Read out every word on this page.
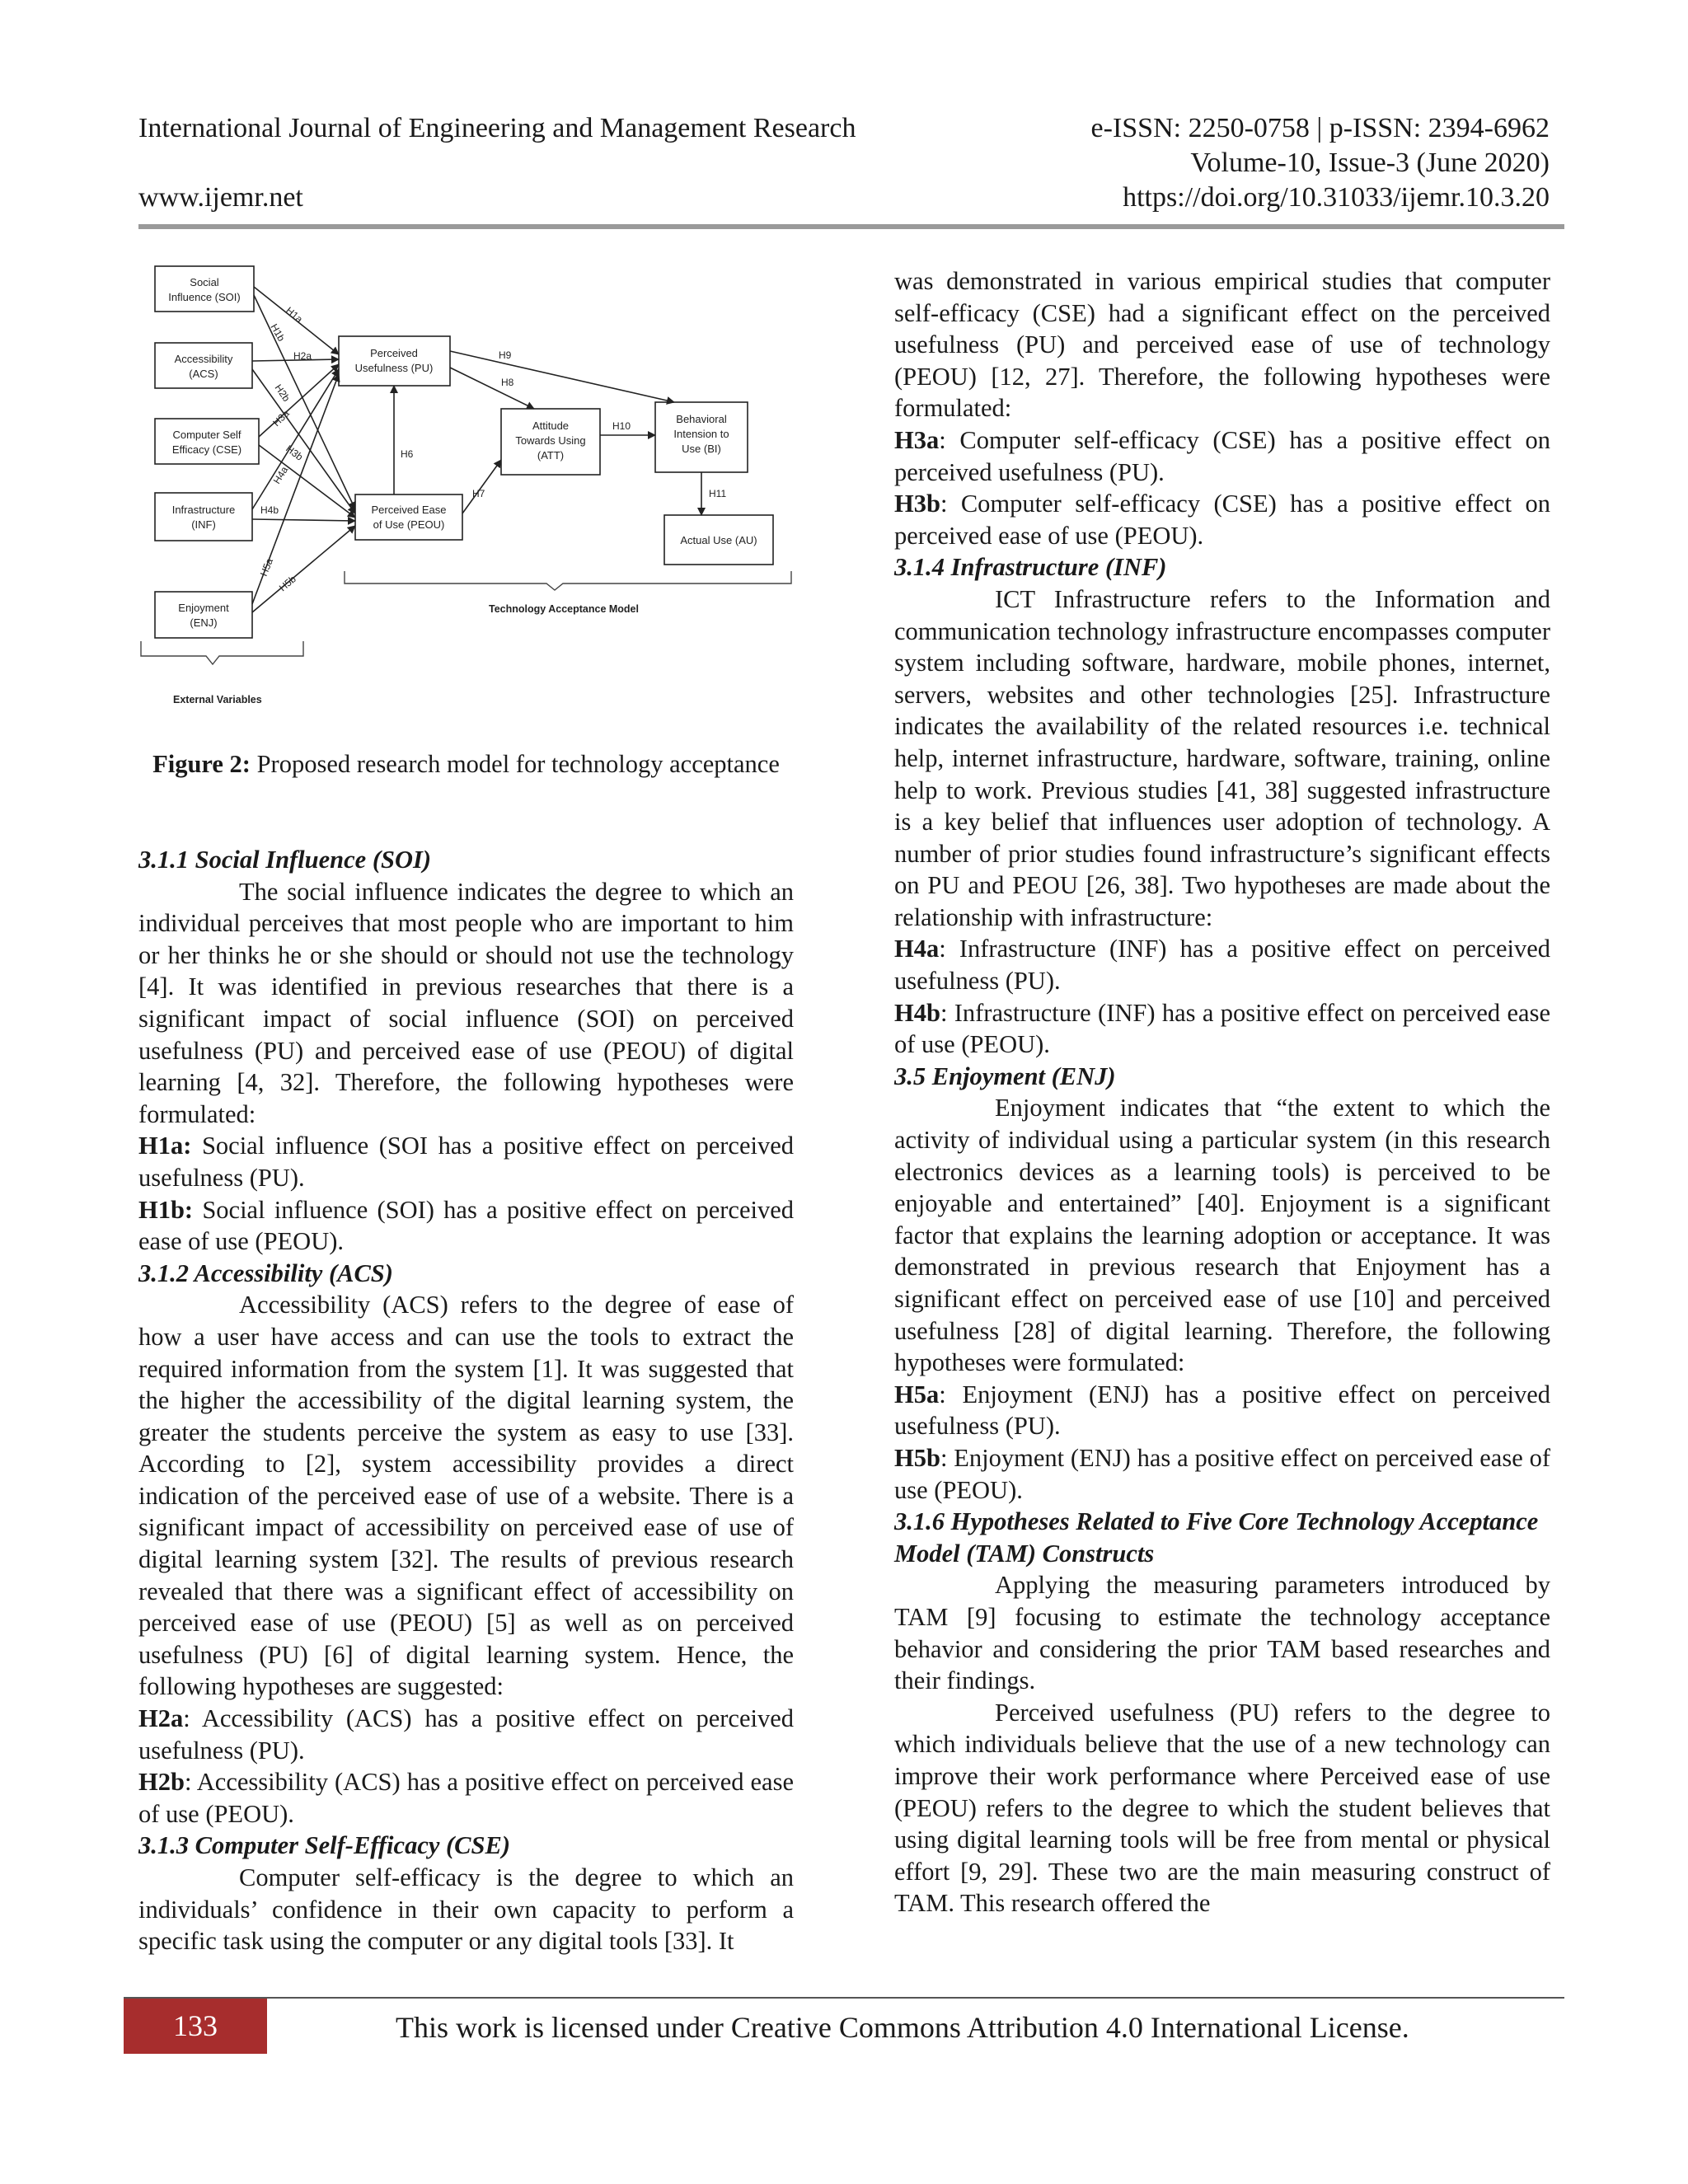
International Journal of Engineering and Management Research
www.ijemr.net
e-ISSN: 2250-0758 | p-ISSN: 2394-6962
Volume-10, Issue-3 (June 2020)
https://doi.org/10.31033/ijemr.10.3.20
Social
Influence (SOI)
Accessibility
(ACS)
Computer Self
Efficacy (CSE)
Infrastructure
(INF)
Enjoyment
(ENJ)
Perceived
Usefulness (PU)
Perceived Ease
of Use (PEOU)
Attitude
Towards Using
(ATT)
Behavioral
Intension to
Use (BI)
Actual Use (AU)
H1a
H1b
H2a
H2b
H3a
H3b
H4a
H4b
H5a
H5b
H6
H7
H8
H9
H10
H11
Technology Acceptance Model
External Variables
Figure 2: Proposed research model for technology acceptance
3.1.1 Social Influence (SOI)

The social influence indicates the degree to which an individual perceives that most people who are important to him or her thinks he or she should or should not use the technology [4]. It was identified in previous researches that there is a significant impact of social influence (SOI) on perceived usefulness (PU) and perceived ease of use (PEOU) of digital learning [4, 32]. Therefore, the following hypotheses were formulated:

H1a: Social influence (SOI has a positive effect on perceived usefulness (PU).

H1b: Social influence (SOI) has a positive effect on perceived ease of use (PEOU).

3.1.2 Accessibility (ACS)

Accessibility (ACS) refers to the degree of ease of how a user have access and can use the tools to extract the required information from the system [1]. It was suggested that the higher the accessibility of the digital learning system, the greater the students perceive the system as easy to use [33]. According to [2], system accessibility provides a direct indication of the perceived ease of use of a website. There is a significant impact of accessibility on perceived ease of use of digital learning system [32]. The results of previous research revealed that there was a significant effect of accessibility on perceived ease of use (PEOU) [5] as well as on perceived usefulness (PU) [6] of digital learning system. Hence, the following hypotheses are suggested:

H2a: Accessibility (ACS) has a positive effect on perceived usefulness (PU).

H2b: Accessibility (ACS) has a positive effect on perceived ease of use (PEOU).

3.1.3 Computer Self-Efficacy (CSE)

Computer self-efficacy is the degree to which an individuals’ confidence in their own capacity to perform a specific task using the computer or any digital tools [33]. It

was demonstrated in various empirical studies that computer self-efficacy (CSE) had a significant effect on the perceived usefulness (PU) and perceived ease of use of technology (PEOU) [12, 27]. Therefore, the following hypotheses were formulated:

H3a: Computer self-efficacy (CSE) has a positive effect on perceived usefulness (PU).

H3b: Computer self-efficacy (CSE) has a positive effect on perceived ease of use (PEOU).

3.1.4 Infrastructure (INF)

ICT Infrastructure refers to the Information and communication technology infrastructure encompasses computer system including software, hardware, mobile phones, internet, servers, websites and other technologies [25]. Infrastructure indicates the availability of the related resources i.e. technical help, internet infrastructure, hardware, software, training, online help to work. Previous studies [41, 38] suggested infrastructure is a key belief that influences user adoption of technology. A number of prior studies found infrastructure’s significant effects on PU and PEOU [26, 38]. Two hypotheses are made about the relationship with infrastructure:

H4a: Infrastructure (INF) has a positive effect on perceived usefulness (PU).

H4b: Infrastructure (INF) has a positive effect on perceived ease of use (PEOU).

3.5 Enjoyment (ENJ)

Enjoyment indicates that “the extent to which the activity of individual using a particular system (in this research electronics devices as a learning tools) is perceived to be enjoyable and entertained” [40]. Enjoyment is a significant factor that explains the learning adoption or acceptance. It was demonstrated in previous research that Enjoyment has a significant effect on perceived ease of use [10] and perceived usefulness [28] of digital learning. Therefore, the following hypotheses were formulated:

H5a: Enjoyment (ENJ) has a positive effect on perceived usefulness (PU).

H5b: Enjoyment (ENJ) has a positive effect on perceived ease of use (PEOU).

3.1.6 Hypotheses Related to Five Core Technology Acceptance Model (TAM) Constructs

Applying the measuring parameters introduced by TAM [9] focusing to estimate the technology acceptance behavior and considering the prior TAM based researches and their findings.

Perceived usefulness (PU) refers to the degree to which individuals believe that the use of a new technology can improve their work performance where Perceived ease of use (PEOU) refers to the degree to which the student believes that using digital learning tools will be free from mental or physical effort [9, 29]. These two are the main measuring construct of TAM. This research offered the

133	This work is licensed under Creative Commons Attribution 4.0 International License.
